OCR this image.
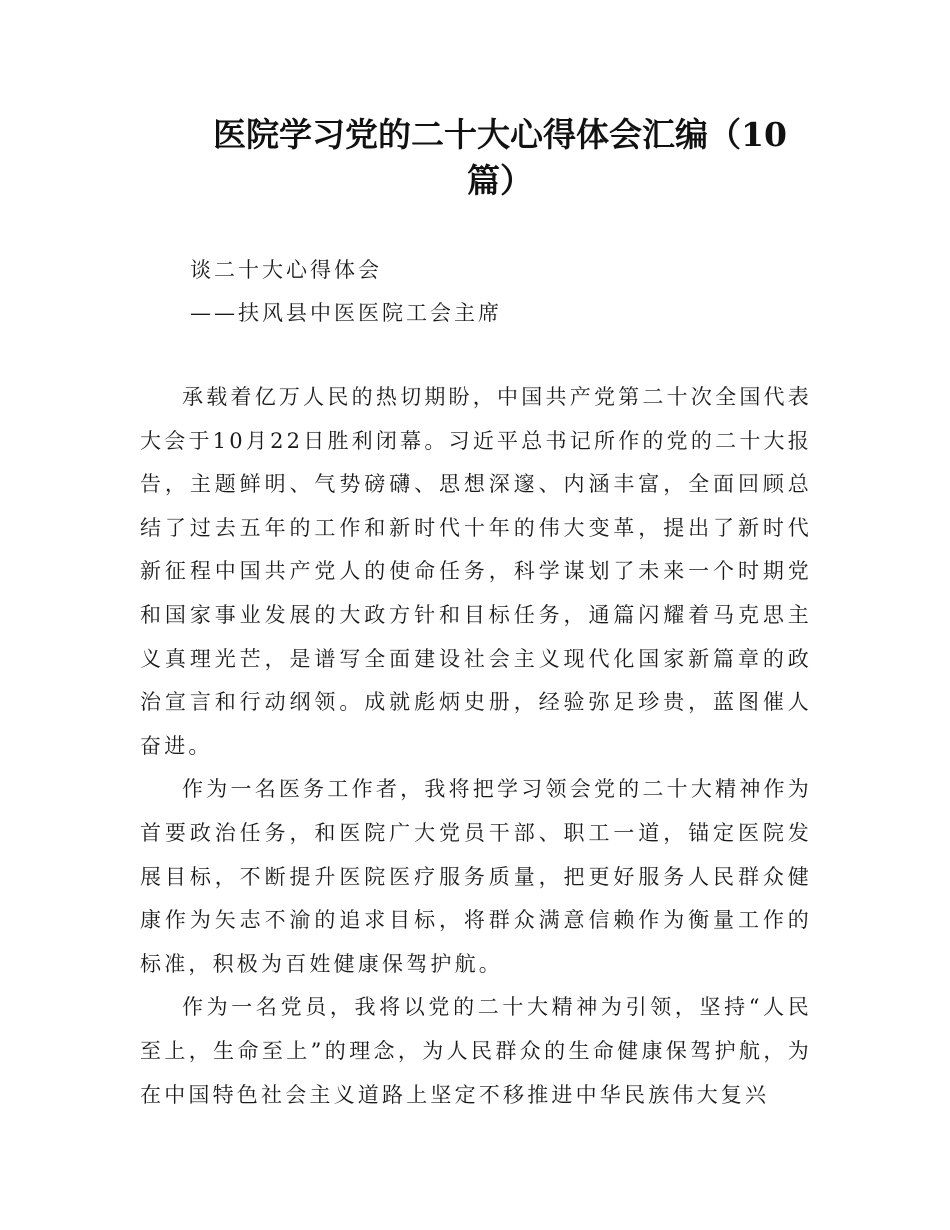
医院学习党的二十大心得体会汇编（10
篇）
谈二十大心得体会
——扶风县中医医院工会主席

承载着亿万人民的热切期盼，中国共产党第二十次全国代表大会于10月22日胜利闭幕。习近平总书记所作的党的二十大报告，主题鲜明、气势磅礴、思想深邃、内涵丰富，全面回顾总结了过去五年的工作和新时代十年的伟大变革，提出了新时代新征程中国共产党人的使命任务，科学谋划了未来一个时期党和国家事业发展的大政方针和目标任务，通篇闪耀着马克思主义真理光芒，是谱写全面建设社会主义现代化国家新篇章的政治宣言和行动纲领。成就彪炳史册，经验弥足珍贵，蓝图催人奋进。

作为一名医务工作者，我将把学习领会党的二十大精神作为首要政治任务，和医院广大党员干部、职工一道，锚定医院发展目标，不断提升医院医疗服务质量，把更好服务人民群众健康作为矢志不渝的追求目标，将群众满意信赖作为衡量工作的标准，积极为百姓健康保驾护航。

作为一名党员，我将以党的二十大精神为引领，坚持“人民至上，生命至上”的理念，为人民群众的生命健康保驾护航，为在中国特色社会主义道路上坚定不移推进中华民族伟大复兴
